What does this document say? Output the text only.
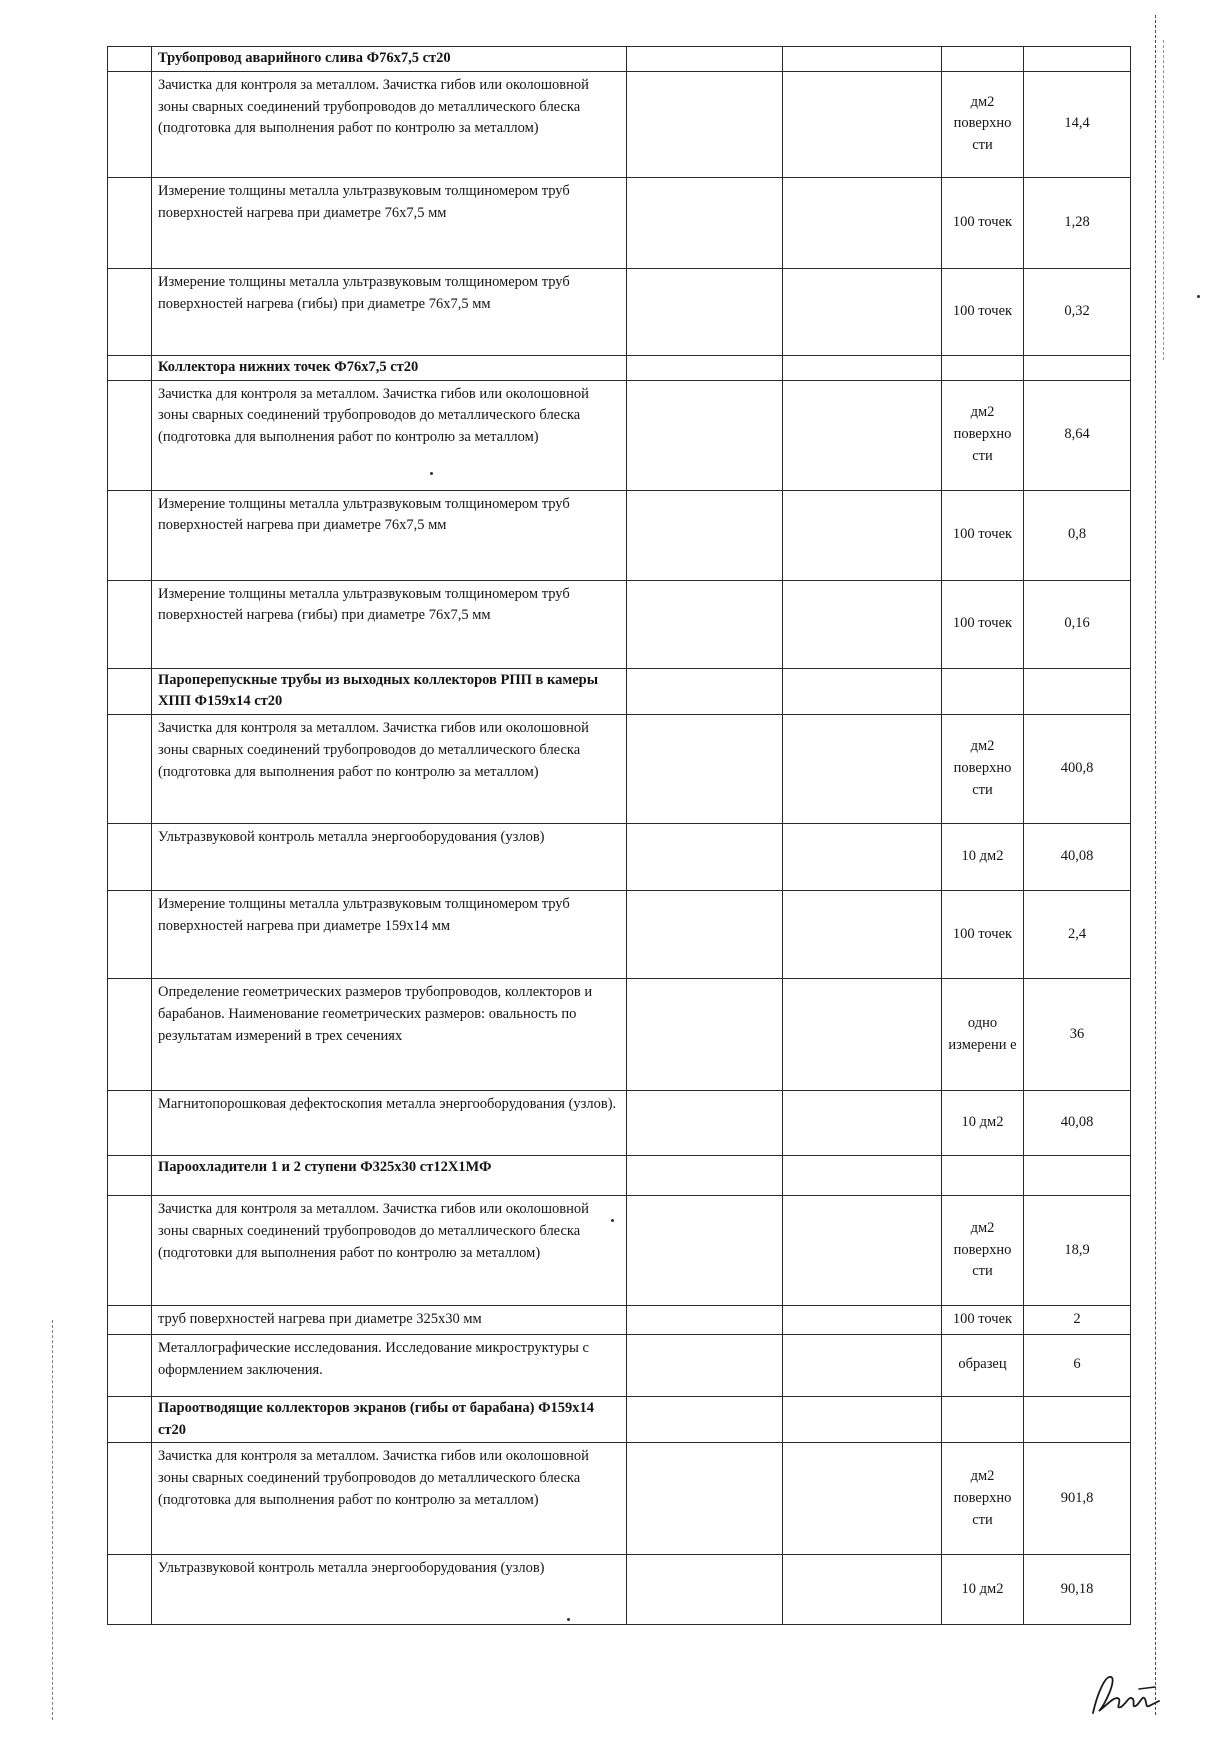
	Трубопровод аварийного слива Ф76х7,5 ст20				
	Зачистка для контроля за металлом. Зачистка гибов или околошовной зоны сварных соединений трубопроводов до металлического блеска (подготовка для выполнения работ по контролю за металлом)			дм2 поверхно сти	14,4
	Измерение толщины металла ультразвуковым толщиномером труб поверхностей нагрева при диаметре 76х7,5 мм			100 точек	1,28
	Измерение толщины металла ультразвуковым толщиномером труб поверхностей нагрева (гибы) при диаметре 76х7,5 мм			100 точек	0,32
	Коллектора нижних точек Ф76х7,5 ст20				
	Зачистка для контроля за металлом. Зачистка гибов или околошовной зоны сварных соединений трубопроводов до металлического блеска (подготовка для выполнения работ по контролю за металлом)			дм2 поверхно сти	8,64
	Измерение толщины металла ультразвуковым толщиномером труб поверхностей нагрева при диаметре 76х7,5 мм			100 точек	0,8
	Измерение толщины металла ультразвуковым толщиномером труб поверхностей нагрева (гибы) при диаметре 76х7,5 мм			100 точек	0,16
	Пароперепускные трубы из выходных коллекторов РПП в камеры ХПП Ф159х14 ст20				
	Зачистка для контроля за металлом. Зачистка гибов или околошовной зоны сварных соединений трубопроводов до металлического блеска (подготовка для выполнения работ по контролю за металлом)			дм2 поверхно сти	400,8
	Ультразвуковой контроль металла энергооборудования (узлов)			10 дм2	40,08
	Измерение толщины металла ультразвуковым толщиномером труб поверхностей нагрева при диаметре 159х14 мм			100 точек	2,4
	Определение геометрических размеров трубопроводов, коллекторов и барабанов. Наименование геометрических размеров: овальность по результатам измерений в трех сечениях			одно измерени е	36
	Магнитопорошковая дефектоскопия металла энергооборудования (узлов).			10 дм2	40,08
	Пароохладители 1 и 2 ступени Ф325х30 ст12Х1МФ				
	Зачистка для контроля за металлом. Зачистка гибов или околошовной зоны сварных соединений трубопроводов до металлического блеска (подготовки для выполнения работ по контролю за металлом)			дм2 поверхно сти	18,9
	труб поверхностей нагрева при диаметре 325х30 мм			100 точек	2
	Металлографические исследования. Исследование микроструктуры с оформлением заключения.			образец	6
	Пароотводящие коллекторов экранов (гибы от барабана) Ф159х14 ст20				
	Зачистка для контроля за металлом. Зачистка гибов или околошовной зоны сварных соединений трубопроводов до металлического блеска (подготовка для выполнения работ по контролю за металлом)			дм2 поверхно сти	901,8
	Ультразвуковой контроль металла энергооборудования (узлов)			10 дм2	90,18
